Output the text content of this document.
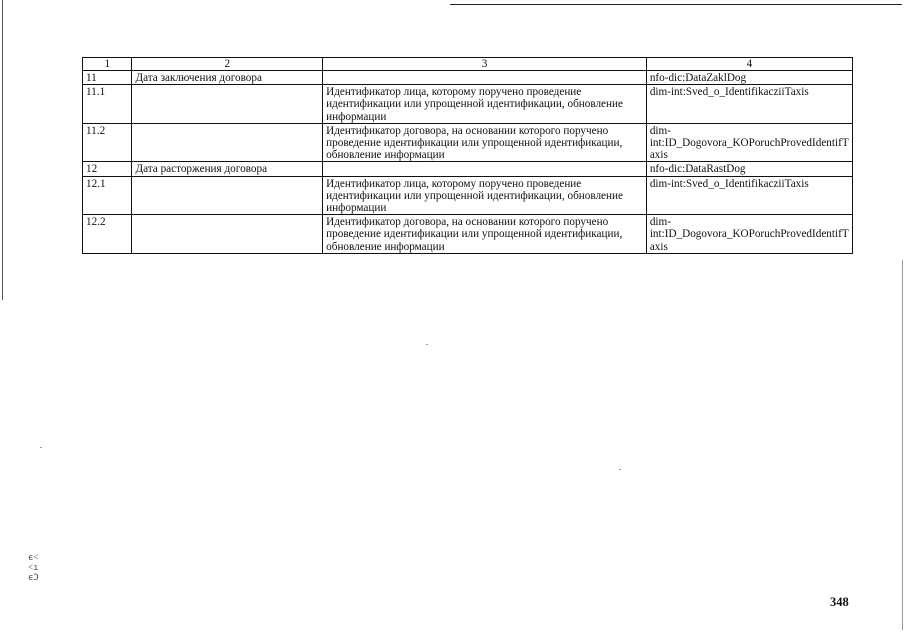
1	2	3	4
11	Дата заключения договора		nfo-dic:DataZaklDog
11.1		Идентификатор лица, которому поручено проведение идентификации или упрощенной идентификации, обновление информации	dim-int:Sved_o_IdentifikacziiTaxis
11.2		Идентификатор договора, на основании которого поручено проведение идентификации или упрощенной идентификации, обновление информации	dim-int:ID_Dogovora_KOPoruchProvedIdentifTaxis
12	Дата расторжения договора		nfo-dic:DataRastDog
12.1		Идентификатор лица, которому поручено проведение идентификации или упрощенной идентификации, обновление информации	dim-int:Sved_o_IdentifikacziiTaxis
12.2		Идентификатор договора, на основании которого поручено проведение идентификации или упрощенной идентификации, обновление информации	dim-int:ID_Dogovora_KOPoruchProvedIdentifTaxis
ϵ˂
˂ı
ϵϽ
348
